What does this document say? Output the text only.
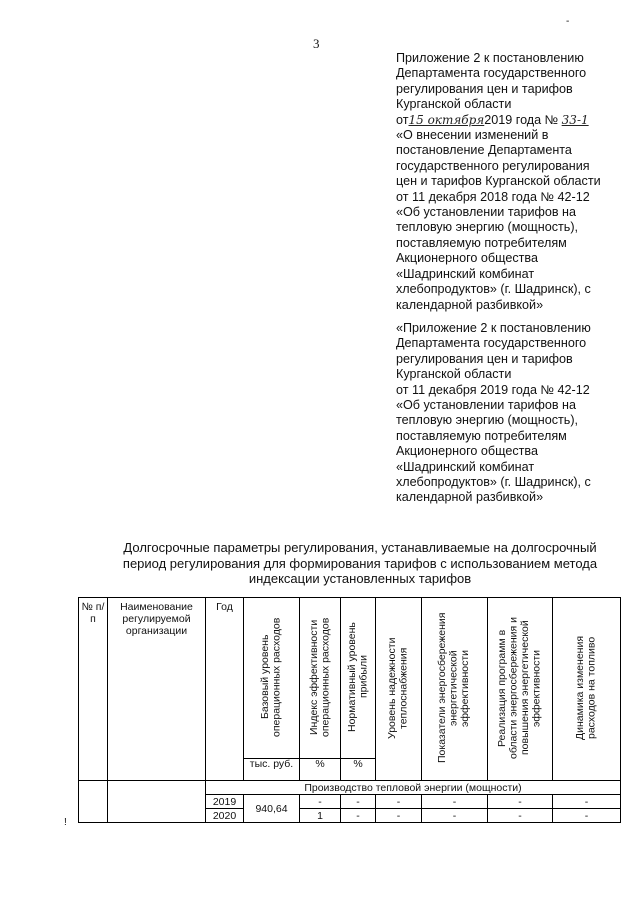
3
-
!
Приложение 2 к постановлению
Департамента государственного
регулирования цен и тарифов
Курганской области
от15 октября2019 года № 33-1
«О внесении изменений в
постановление Департамента
государственного регулирования
цен и тарифов Курганской области
от 11 декабря 2018 года № 42-12
«Об установлении тарифов на
тепловую энергию (мощность),
поставляемую потребителям
Акционерного общества
«Шадринский комбинат
хлебопродуктов» (г. Шадринск), с
календарной разбивкой»
«Приложение 2 к постановлению
Департамента государственного
регулирования цен и тарифов
Курганской области
от 11 декабря 2019 года № 42-12
«Об установлении тарифов на
тепловую энергию (мощность),
поставляемую потребителям
Акционерного общества
«Шадринский комбинат
хлебопродуктов» (г. Шадринск), с
календарной разбивкой»
Долгосрочные параметры регулирования, устанавливаемые на долгосрочный
период регулирования для формирования тарифов с использованием метода
индексации установленных тарифов
№ п/п	Наименование регулируемой организации	Год	Базовый уровень операционных расходов	Индекс эффективности операционных расходов	Нормативный уровень прибыли	Уровень надежности теплоснабжения	Показатели энергосбережения энергетической эффективности	Реализация программ в области энергосбережения и повышения энергетической эффективности	Динамика изменения расходов на топливо
			тыс. руб.	%	%				
		Производство тепловой энергии (мощности)							
		2019	940,64	-	-	-	-	-	-
		2020		1	-	-	-	-	-
